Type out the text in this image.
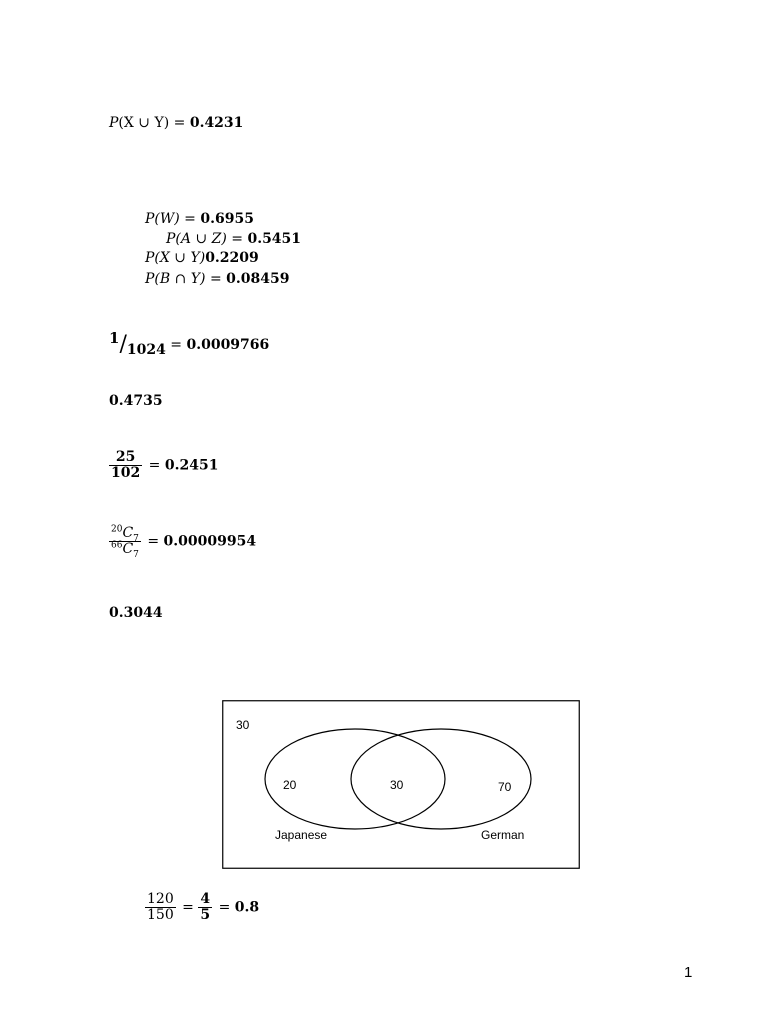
P(X ∪ Y) = 0.4231
P(W) = 0.6955
P(A ∪ Z) = 0.5451
P(X ∪ Y)0.2209
P(B ∩ Y) = 0.08459
1/1024 = 0.0009766
0.4735
$\frac{25}{102} = 0.2451$
$\frac{^{20}C_7}{^{66}C_7} = 0.00009954$
0.3044
30
20	30	70
Japanese	German
$\frac{120}{150} = \frac{4}{5} = 0.8$
1
